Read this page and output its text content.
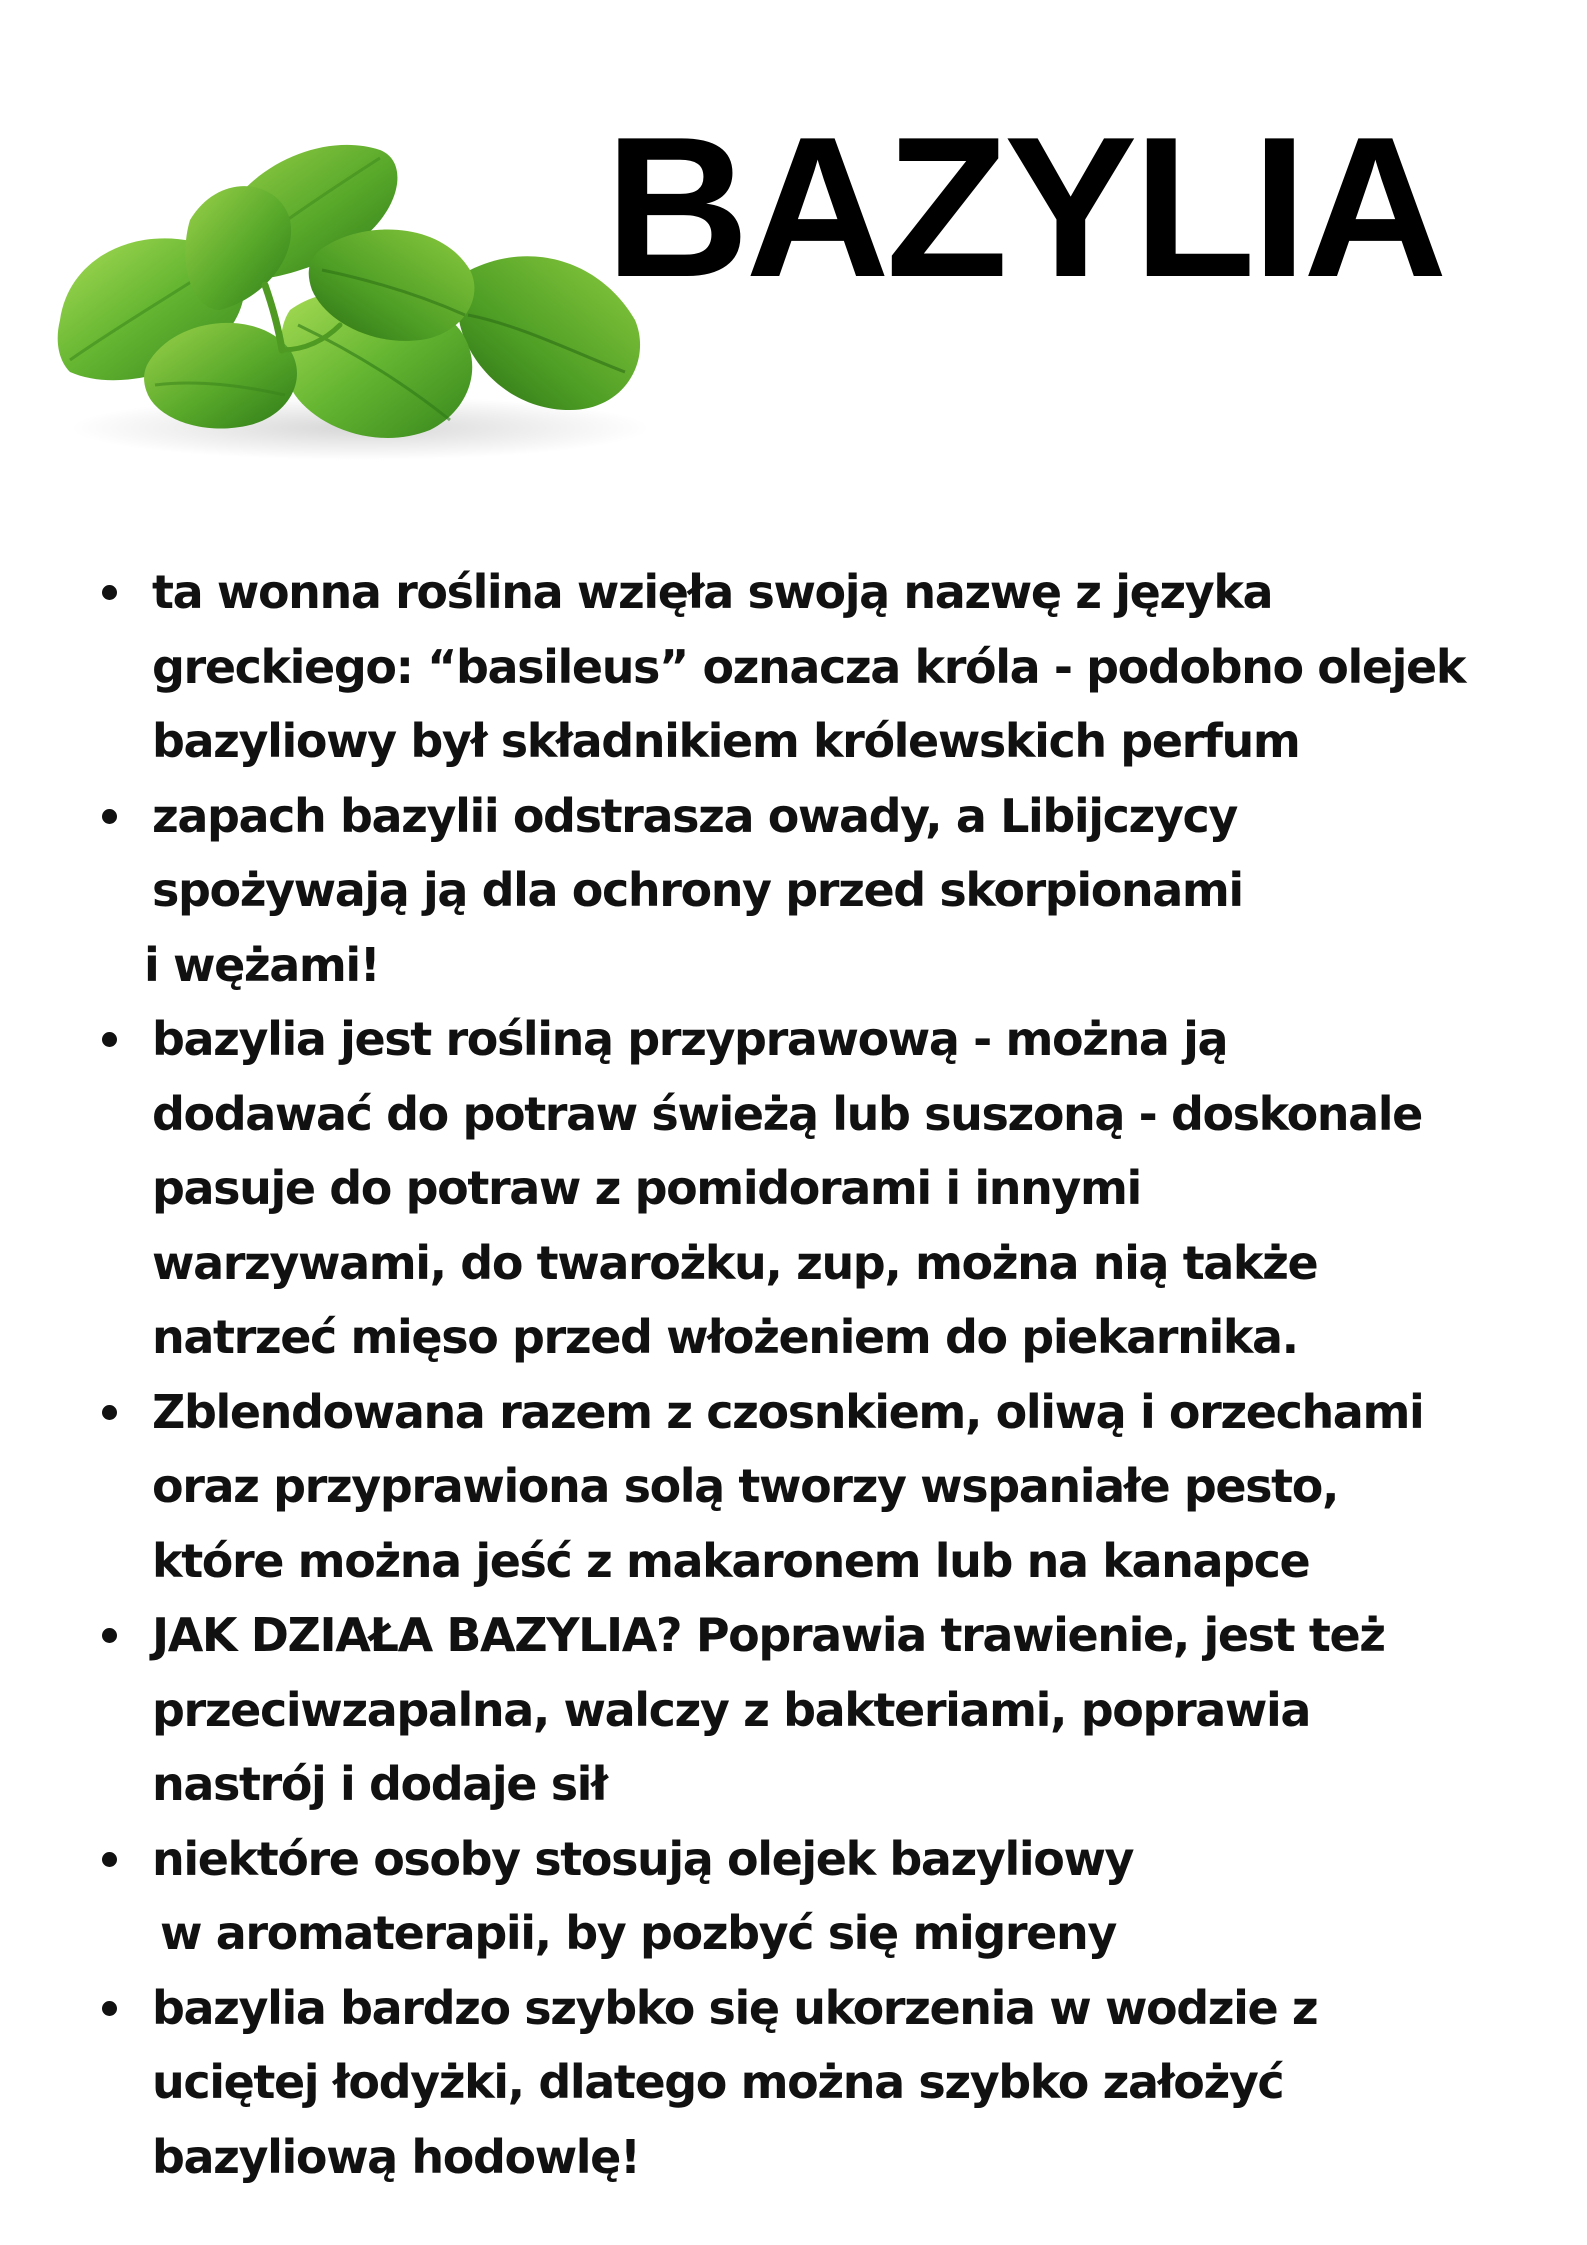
BAZYLIA
ta wonna roślina wzięła swoją nazwę z języka
greckiego: “basileus” oznacza króla - podobno olejek
bazyliowy był składnikiem królewskich perfum
zapach bazylii odstrasza owady, a Libijczycy
spożywają ją dla ochrony przed skorpionami
i wężami!
bazylia jest rośliną przyprawową - można ją
dodawać do potraw świeżą lub suszoną - doskonale
pasuje do potraw z pomidorami i innymi
warzywami, do twarożku, zup, można nią także
natrzeć mięso przed włożeniem do piekarnika.
Zblendowana razem z czosnkiem, oliwą i orzechami
oraz przyprawiona solą tworzy wspaniałe pesto,
które można jeść z makaronem lub na kanapce
JAK DZIAŁA BAZYLIA? Poprawia trawienie, jest też
przeciwzapalna, walczy z bakteriami, poprawia
nastrój i dodaje sił
niektóre osoby stosują olejek bazyliowy
w aromaterapii, by pozbyć się migreny
bazylia bardzo szybko się ukorzenia w wodzie z
uciętej łodyżki, dlatego można szybko założyć
bazyliową hodowlę!
